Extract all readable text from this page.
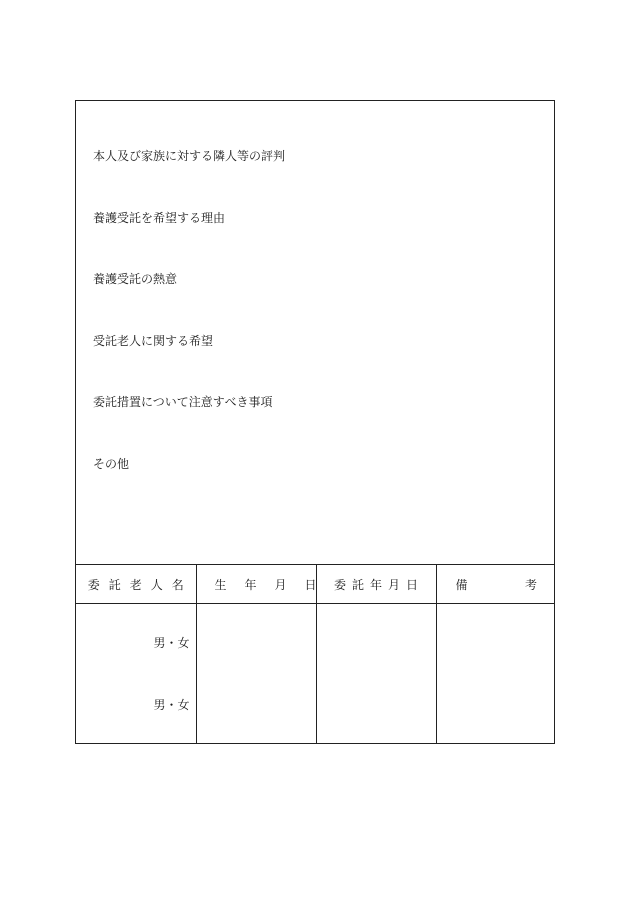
本人及び家族に対する隣人等の評判
養護受託を希望する理由
養護受託の熱意
受託老人に関する希望
委託措置について注意すべき事項
その他
委託老人名	生年月日	委託年月日	備 考

男・女
男・女			
